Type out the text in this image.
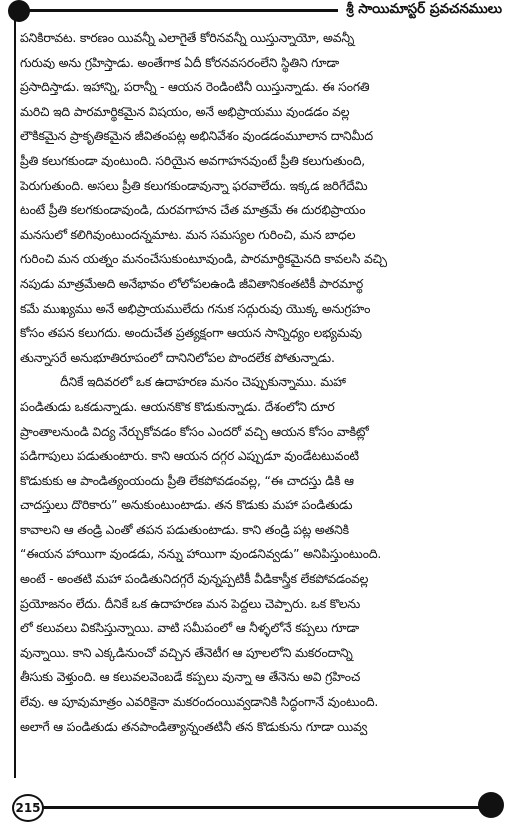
శ్రీ సాయిమాస్టర్ ప్రవచనములు
పనికిరావట. కారణం యివన్నీ ఎలాగైతే కోరినవన్నీ యిస్తున్నాయో, అవన్నీ
గురువు అను గ్రహిస్తాడు. అంతేగాక ఏదీ కోరనవసరంలేని స్థితిని గూడా
ప్రసాదిస్తాడు. ఇహాన్ని, పరాన్నీ - ఆయన రెండింటినీ యిస్తున్నాడు. ఈ సంగతి
మరిచి ఇది పారమార్థికమైన విషయం, అనే అభిప్రాయము వుండడం వల్ల
లౌకికమైన ప్రాకృతికమైన జీవితంపట్ల అభినివేశం వుండడంమూలాన దానిమీద
ప్రీతి కలుగకుండా వుంటుంది. సరియైన అవగాహనవుంటే ప్రీతి కలుగుతుంది,
పెరుగుతుంది. అసలు ప్రీతి కలుగకుండావున్నా ఫరవాలేదు. ఇక్కడ జరిగేదేమి
టంటే ప్రీతి కలగకుండావుండి, దురవగాహన చేత మాత్రమే ఈ దురభిప్రాయం
మనసులో కలిగివుంటుందన్నమాట. మన సమస్యల గురించి, మన బాధల
గురించి మన యత్నం మనంచేసుకుంటూవుండి, పారమార్థికమైనది కావలసి వచ్చి
నపుడు మాత్రమేఅది అనేభావం లోలోపలఉండి జీవితానికంతటికీ పారమార్థ
కమే ముఖ్యము అనే అభిప్రాయములేదు గనుక సద్గురువు యొక్క అనుగ్రహం
కోసం తపన కలుగదు. అందుచేత ప్రత్యక్షంగా ఆయన సాన్నిధ్యం లభ్యమవు
తున్నాసరే అనుభూతిరూపంలో దానినిలోపల పొందలేక పోతున్నాడు.
దీనికే ఇదివరలో ఒక ఉదాహరణ మనం చెప్పుకున్నాము. మహా
పండితుడు ఒకడున్నాడు. ఆయనకొక కొడుకున్నాడు. దేశంలోని దూర
ప్రాంతాలనుండి విద్య నేర్చుకోవడం కోసం ఎందరో వచ్చి ఆయన కోసం వాకిట్లో
పడిగాపులు పడుతుంటారు. కాని ఆయన దగ్గర ఎప్పుడూ వుండేటటువంటి
కొడుకుకు ఆ పాండిత్యంయందు ప్రీతి లేకపోవడంవల్ల, “ఈ చాదస్తు డికి ఆ
చాదస్తులు దొరికారు” అనుకుంటుంటాడు. తన కొడుకు మహా పండితుడు
కావాలని ఆ తండ్రి ఎంతో తపన పడుతుంటాడు. కాని తండ్రి పట్ల అతనికి
“ఈయన హాయిగా వుండడు, నన్ను హాయిగా వుండనివ్వడు” అనిపిస్తుంటుంది.
అంటే - అంతటి మహా పండితునిదగ్గరే వున్నప్పటికీ వీడికాస్త్రీక లేకపోవడంవల్ల
ప్రయోజనం లేదు. దీనికే ఒక ఉదాహరణ మన పెద్దలు చెప్పారు. ఒక కొలను
లో కలువలు వికసిస్తున్నాయి. వాటి సమీపంలో ఆ నీళ్ళలోనే కప్పలు గూడా
వున్నాయి. కాని ఎక్కడినుంచో వచ్చిన తేనెటీగ ఆ పూలలోని మకరందాన్ని
తీసుకు వెళ్తుంది. ఆ కలువలవెంబడే కప్పలు వున్నా ఆ తేనెను అవి గ్రహించ
లేవు. ఆ పూవుమాత్రం ఎవరికైనా మకరందంయివ్వడానికి సిద్ధంగానే వుంటుంది.
అలాగే ఆ పండితుడు తనపాండిత్యాన్నంతటినీ తన కొడుకును గూడా యివ్వ
215
